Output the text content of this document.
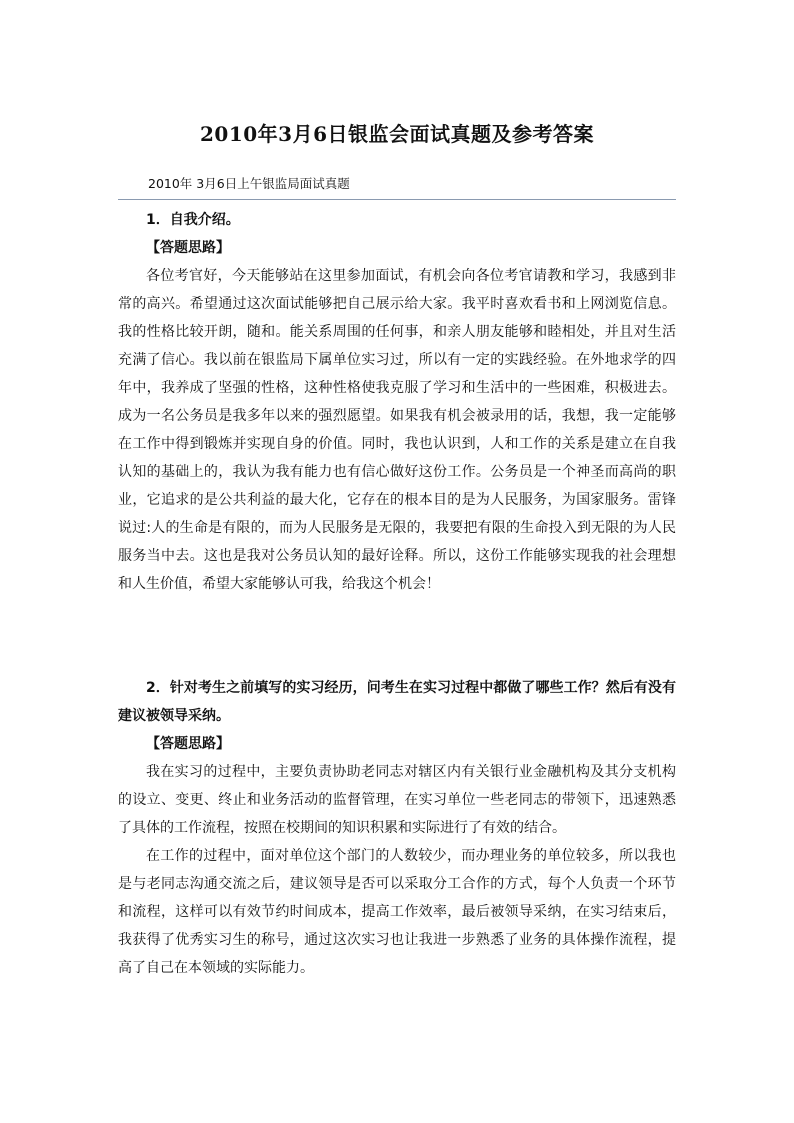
2010年3月6日银监会面试真题及参考答案
2010年 3月6日上午银监局面试真题

1．自我介绍。

【答题思路】

各位考官好，今天能够站在这里参加面试，有机会向各位考官请教和学习，我感到非常的高兴。希望通过这次面试能够把自己展示给大家。我平时喜欢看书和上网浏览信息。我的性格比较开朗，随和。能关系周围的任何事，和亲人朋友能够和睦相处，并且对生活充满了信心。我以前在银监局下属单位实习过，所以有一定的实践经验。在外地求学的四年中，我养成了坚强的性格，这种性格使我克服了学习和生活中的一些困难，积极进去。成为一名公务员是我多年以来的强烈愿望。如果我有机会被录用的话，我想，我一定能够在工作中得到锻炼并实现自身的价值。同时，我也认识到，人和工作的关系是建立在自我认知的基础上的，我认为我有能力也有信心做好这份工作。公务员是一个神圣而高尚的职业，它追求的是公共利益的最大化，它存在的根本目的是为人民服务，为国家服务。雷锋说过:人的生命是有限的，而为人民服务是无限的，我要把有限的生命投入到无限的为人民服务当中去。这也是我对公务员认知的最好诠释。所以，这份工作能够实现我的社会理想和人生价值，希望大家能够认可我，给我这个机会！

2．针对考生之前填写的实习经历，问考生在实习过程中都做了哪些工作？然后有没有建议被领导采纳。

【答题思路】

我在实习的过程中，主要负责协助老同志对辖区内有关银行业金融机构及其分支机构的设立、变更、终止和业务活动的监督管理，在实习单位一些老同志的带领下，迅速熟悉了具体的工作流程，按照在校期间的知识积累和实际进行了有效的结合。

在工作的过程中，面对单位这个部门的人数较少，而办理业务的单位较多，所以我也是与老同志沟通交流之后，建议领导是否可以采取分工合作的方式，每个人负责一个环节和流程，这样可以有效节约时间成本，提高工作效率，最后被领导采纳，在实习结束后，我获得了优秀实习生的称号，通过这次实习也让我进一步熟悉了业务的具体操作流程，提高了自己在本领域的实际能力。
